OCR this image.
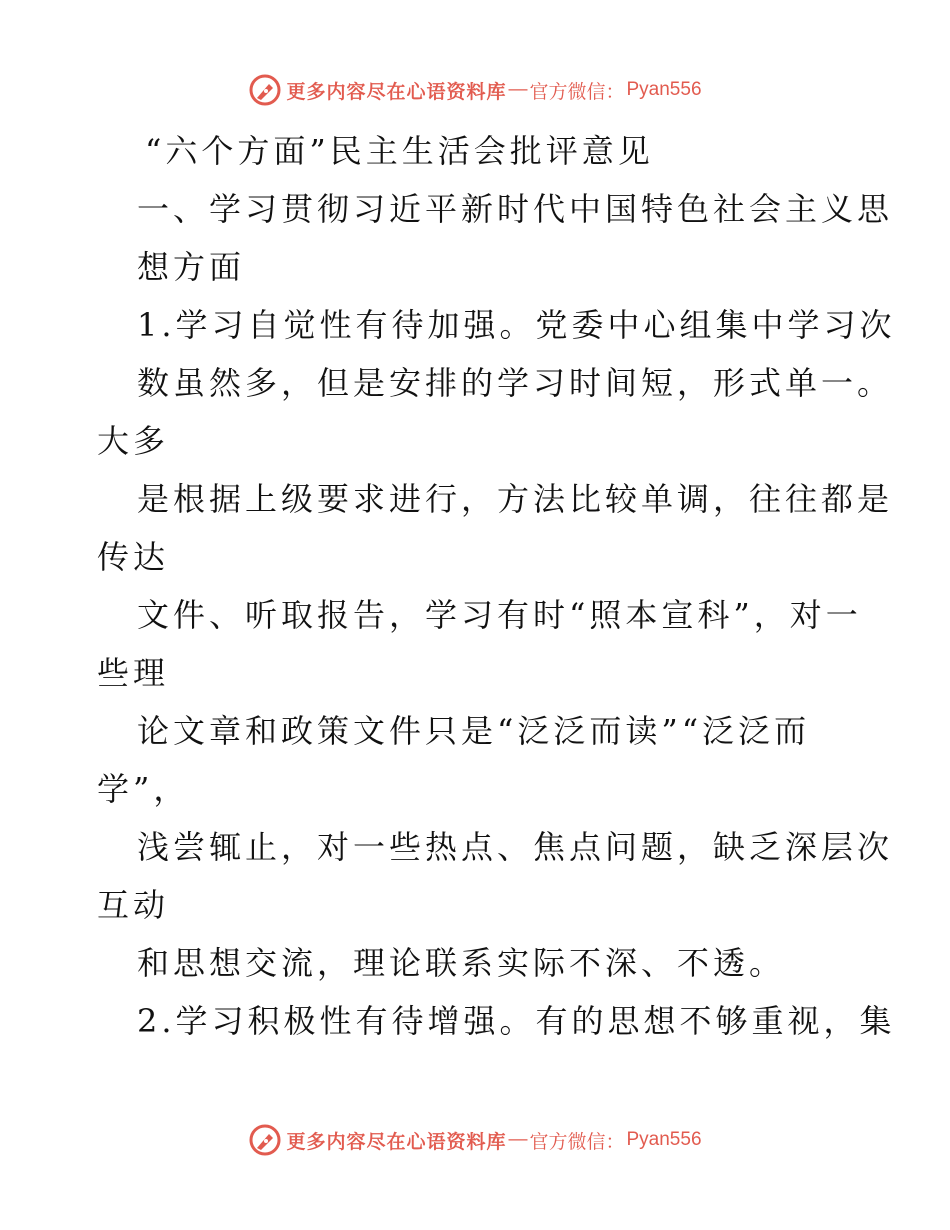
更多内容尽在心语资料库 — 官方微信： Pyan556
“六个方面”民主生活会批评意见
一、学习贯彻习近平新时代中国特色社会主义思
想方面
1.学习自觉性有待加强。党委中心组集中学习次
数虽然多，但是安排的学习时间短，形式单一。
大多
是根据上级要求进行，方法比较单调，往往都是
传达
文件、听取报告，学习有时“照本宣科”，对一
些理
论文章和政策文件只是“泛泛而读”“泛泛而
学”，
浅尝辄止，对一些热点、焦点问题，缺乏深层次
互动
和思想交流，理论联系实际不深、不透。
2.学习积极性有待增强。有的思想不够重视，集
更多内容尽在心语资料库 — 官方微信： Pyan556
